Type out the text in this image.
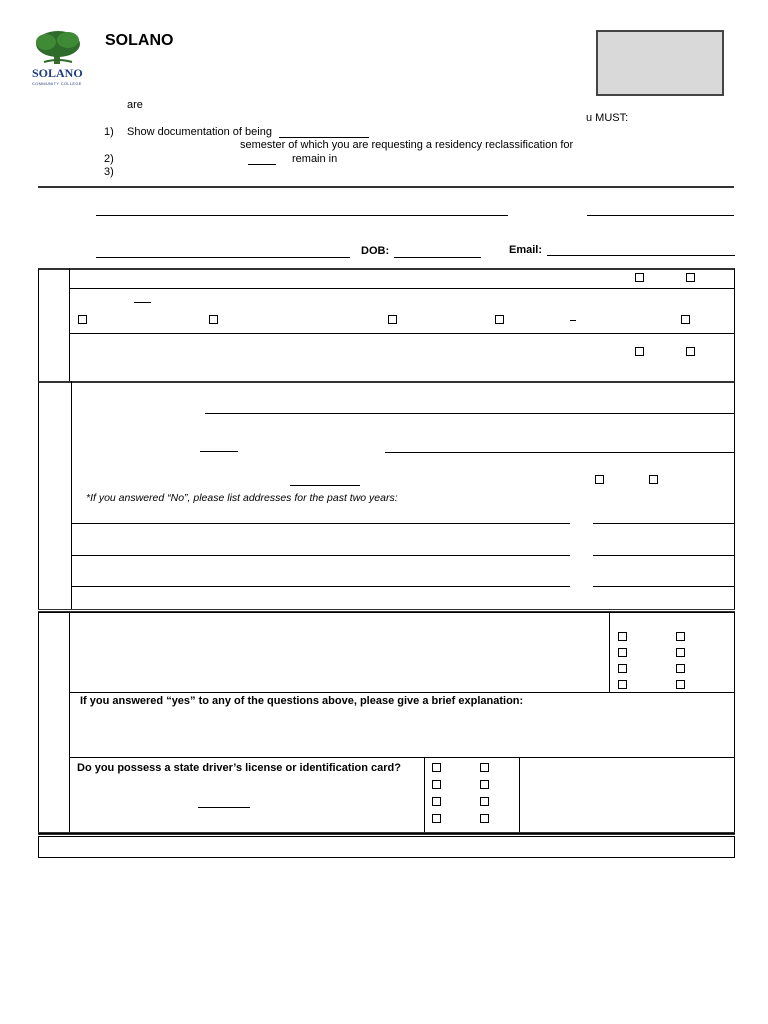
SOLANO
COMMUNITY COLLEGE
SOLANO
are
u MUST:
1) Show documentation of being
semester of which you are requesting a residency reclassification for
2)	remain in
3)
DOB:	Email:
*If you answered “No”, please list addresses for the past two years:
If you answered “yes” to any of the questions above, please give a brief explanation:
Do you possess a state driver’s license or identification card?
